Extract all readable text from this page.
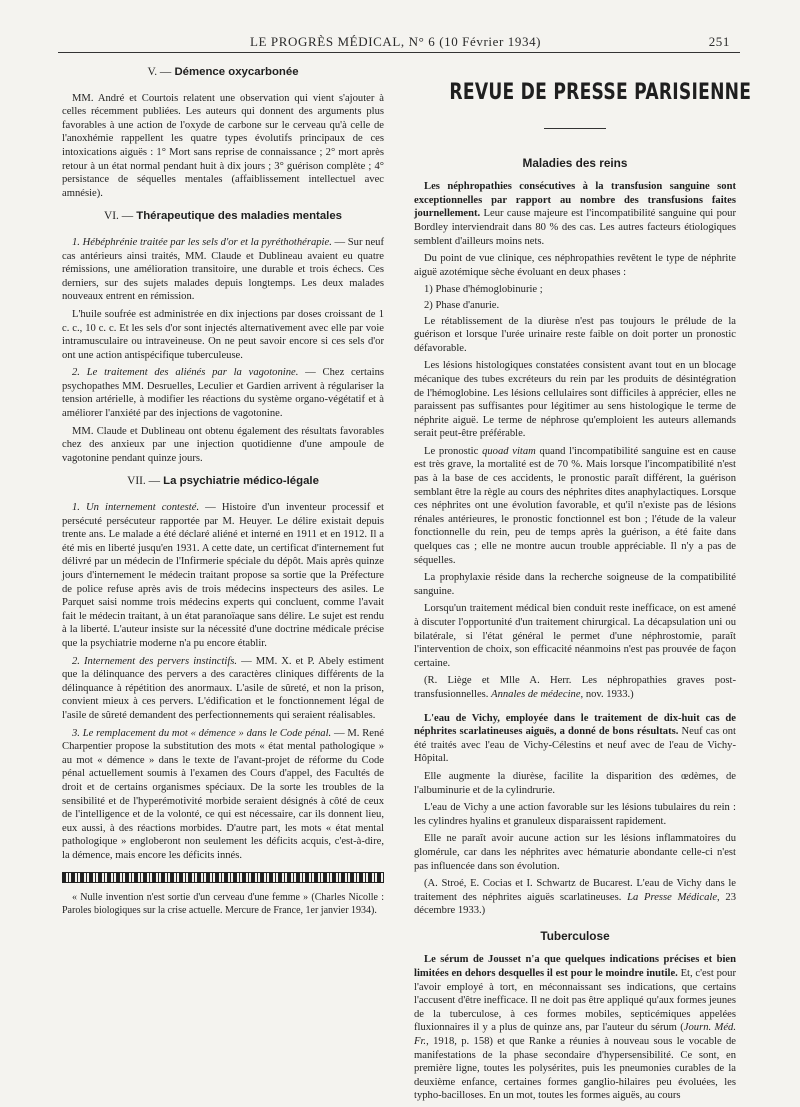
LE PROGRÈS MÉDICAL, N° 6 (10 Février 1934)	251
V. — Démence oxycarbonée

MM. André et Courtois relatent une observation qui vient s'ajouter à celles récemment publiées. Les auteurs qui donnent des arguments plus favorables à une action de l'oxyde de carbone sur le cerveau qu'à celle de l'anoxhémie rappellent les quatre types évolutifs principaux de ces intoxications aiguës : 1° Mort sans reprise de connaissance ; 2° mort après retour à un état normal pendant huit à dix jours ; 3° guérison complète ; 4° persistance de séquelles mentales (affaiblissement intellectuel avec amnésie).

VI. — Thérapeutique des maladies mentales

1. Hébéphrénie traitée par les sels d'or et la pyréthothérapie. — Sur neuf cas antérieurs ainsi traités, MM. Claude et Dublineau avaient eu quatre rémissions, une amélioration transitoire, une durable et trois échecs. Ces derniers, sur des sujets malades depuis longtemps. Les deux malades nouveaux entrent en rémission.

L'huile soufrée est administrée en dix injections par doses croissant de 1 c. c., 10 c. c. Et les sels d'or sont injectés alternativement avec elle par voie intramusculaire ou intraveineuse. On ne peut savoir encore si ces sels d'or ont une action antispécifique tuberculeuse.

2. Le traitement des aliénés par la vagotonine. — Chez certains psychopathes MM. Desruelles, Leculier et Gardien arrivent à régulariser la tension artérielle, à modifier les réactions du système organo-végétatif et à améliorer l'anxiété par des injections de vagotonine.

MM. Claude et Dublineau ont obtenu également des résultats favorables chez des anxieux par une injection quotidienne d'une ampoule de vagotonine pendant quinze jours.

VII. — La psychiatrie médico-légale

1. Un internement contesté. — Histoire d'un inventeur processif et persécuté persécuteur rapportée par M. Heuyer. Le délire existait depuis trente ans. Le malade a été déclaré aliéné et interné en 1911 et en 1912. Il a été mis en liberté jusqu'en 1931. A cette date, un certificat d'internement fut délivré par un médecin de l'Infirmerie spéciale du dépôt. Mais après quinze jours d'internement le médecin traitant propose sa sortie que la Préfecture de police refuse après avis de trois médecins inspecteurs des asiles. Le Parquet saisi nomme trois médecins experts qui concluent, comme l'avait fait le médecin traitant, à un état paranoïaque sans délire. Le sujet est rendu à la liberté. L'auteur insiste sur la nécessité d'une doctrine médicale précise que la psychiatrie moderne n'a pu encore établir.

2. Internement des pervers instinctifs. — MM. X. et P. Abely estiment que la délinquance des pervers a des caractères cliniques différents de la délinquance à répétition des anormaux. L'asile de sûreté, et non la prison, convient mieux à ces pervers. L'édification et le fonctionnement légal de l'asile de sûreté demandent des perfectionnements qui seraient réalisables.

3. Le remplacement du mot « démence » dans le Code pénal. — M. René Charpentier propose la substitution des mots « état mental pathologique » au mot « démence » dans le texte de l'avant-projet de réforme du Code pénal actuellement soumis à l'examen des Cours d'appel, des Facultés de droit et de certains organismes spéciaux. De la sorte les troubles de la sensibilité et de l'hyperémotivité morbide seraient désignés à côté de ceux de l'intelligence et de la volonté, ce qui est nécessaire, car ils donnent lieu, eux aussi, à des réactions morbides. D'autre part, les mots « état mental pathologique » engloberont non seulement les déficits acquis, c'est-à-dire, la démence, mais encore les déficits innés.

« Nulle invention n'est sortie d'un cerveau d'une femme » (Charles Nicolle : Paroles biologiques sur la crise actuelle. Mercure de France, 1er janvier 1934).

REVUE DE PRESSE PARISIENNE
Maladies des reins

Les néphropathies consécutives à la transfusion sanguine sont exceptionnelles par rapport au nombre des transfusions faites journellement. Leur cause majeure est l'incompatibilité sanguine qui pour Bordley interviendrait dans 80 % des cas. Les autres facteurs étiologiques semblent d'ailleurs moins nets.

Du point de vue clinique, ces néphropathies revêtent le type de néphrite aiguë azotémique sèche évoluant en deux phases :

1) Phase d'hémoglobinurie ;

2) Phase d'anurie.

Le rétablissement de la diurèse n'est pas toujours le prélude de la guérison et lorsque l'urée urinaire reste faible on doit porter un pronostic défavorable.

Les lésions histologiques constatées consistent avant tout en un blocage mécanique des tubes excréteurs du rein par les produits de désintégration de l'hémoglobine. Les lésions cellulaires sont difficiles à apprécier, elles ne paraissent pas suffisantes pour légitimer au sens histologique le terme de néphrite aiguë. Le terme de néphrose qu'emploient les auteurs allemands serait peut-être préférable.

Le pronostic quoad vitam quand l'incompatibilité sanguine est en cause est très grave, la mortalité est de 70 %. Mais lorsque l'incompatibilité n'est pas à la base de ces accidents, le pronostic paraît différent, la guérison semblant être la règle au cours des néphrites dites anaphylactiques. Lorsque ces néphrites ont une évolution favorable, et qu'il n'existe pas de lésions rénales antérieures, le pronostic fonctionnel est bon ; l'étude de la valeur fonctionnelle du rein, peu de temps après la guérison, a été faite dans quelques cas ; elle ne montre aucun trouble appréciable. Il n'y a pas de séquelles.

La prophylaxie réside dans la recherche soigneuse de la compatibilité sanguine.

Lorsqu'un traitement médical bien conduit reste inefficace, on est amené à discuter l'opportunité d'un traitement chirurgical. La décapsulation uni ou bilatérale, si l'état général le permet d'une néphrostomie, paraît l'intervention de choix, son efficacité néanmoins n'est pas prouvée de façon certaine.

(R. Liège et Mlle A. Herr. Les néphropathies graves post-transfusionnelles. Annales de médecine, nov. 1933.)

L'eau de Vichy, employée dans le traitement de dix-huit cas de néphrites scarlatineuses aiguës, a donné de bons résultats. Neuf cas ont été traités avec l'eau de Vichy-Célestins et neuf avec de l'eau de Vichy-Hôpital.

Elle augmente la diurèse, facilite la disparition des œdèmes, de l'albuminurie et de la cylindrurie.

L'eau de Vichy a une action favorable sur les lésions tubulaires du rein : les cylindres hyalins et granuleux disparaissent rapidement.

Elle ne paraît avoir aucune action sur les lésions inflammatoires du glomérule, car dans les néphrites avec hématurie abondante celle-ci n'est pas influencée dans son évolution.

(A. Stroé, E. Cocias et I. Schwartz de Bucarest. L'eau de Vichy dans le traitement des néphrites aiguës scarlatineuses. La Presse Médicale, 23 décembre 1933.)

Tuberculose

Le sérum de Jousset n'a que quelques indications précises et bien limitées en dehors desquelles il est pour le moindre inutile. Et, c'est pour l'avoir employé à tort, en méconnaissant ses indications, que certains l'accusent d'être inefficace. Il ne doit pas être appliqué qu'aux formes jeunes de la tuberculose, à ces formes mobiles, septicémiques appelées fluxionnaires il y a plus de quinze ans, par l'auteur du sérum (Journ. Méd. Fr., 1918, p. 158) et que Ranke a réunies à nouveau sous le vocable de manifestations de la phase secondaire d'hypersensibilité. Ce sont, en première ligne, toutes les polysérites, puis les pneumonies curables de la deuxième enfance, certaines formes ganglio-hilaires peu évoluées, les typho-bacilloses. En un mot, toutes les formes aiguës, au cours
